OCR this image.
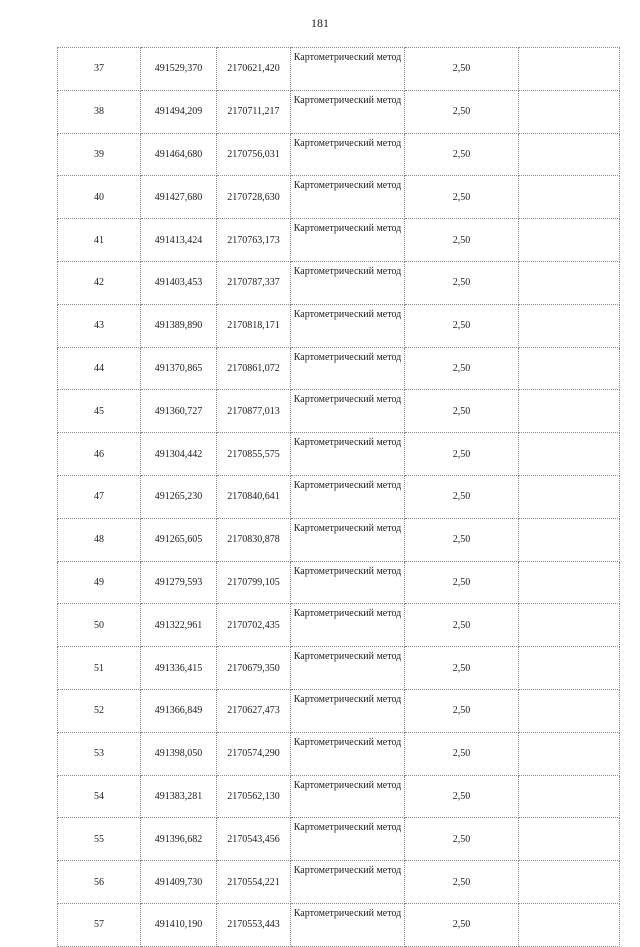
181
37	491529,370	2170621,420	Картометрический метод	2,50	
38	491494,209	2170711,217	Картометрический метод	2,50	
39	491464,680	2170756,031	Картометрический метод	2,50	
40	491427,680	2170728,630	Картометрический метод	2,50	
41	491413,424	2170763,173	Картометрический метод	2,50	
42	491403,453	2170787,337	Картометрический метод	2,50	
43	491389,890	2170818,171	Картометрический метод	2,50	
44	491370,865	2170861,072	Картометрический метод	2,50	
45	491360,727	2170877,013	Картометрический метод	2,50	
46	491304,442	2170855,575	Картометрический метод	2,50	
47	491265,230	2170840,641	Картометрический метод	2,50	
48	491265,605	2170830,878	Картометрический метод	2,50	
49	491279,593	2170799,105	Картометрический метод	2,50	
50	491322,961	2170702,435	Картометрический метод	2,50	
51	491336,415	2170679,350	Картометрический метод	2,50	
52	491366,849	2170627,473	Картометрический метод	2,50	
53	491398,050	2170574,290	Картометрический метод	2,50	
54	491383,281	2170562,130	Картометрический метод	2,50	
55	491396,682	2170543,456	Картометрический метод	2,50	
56	491409,730	2170554,221	Картометрический метод	2,50	
57	491410,190	2170553,443	Картометрический метод	2,50	
